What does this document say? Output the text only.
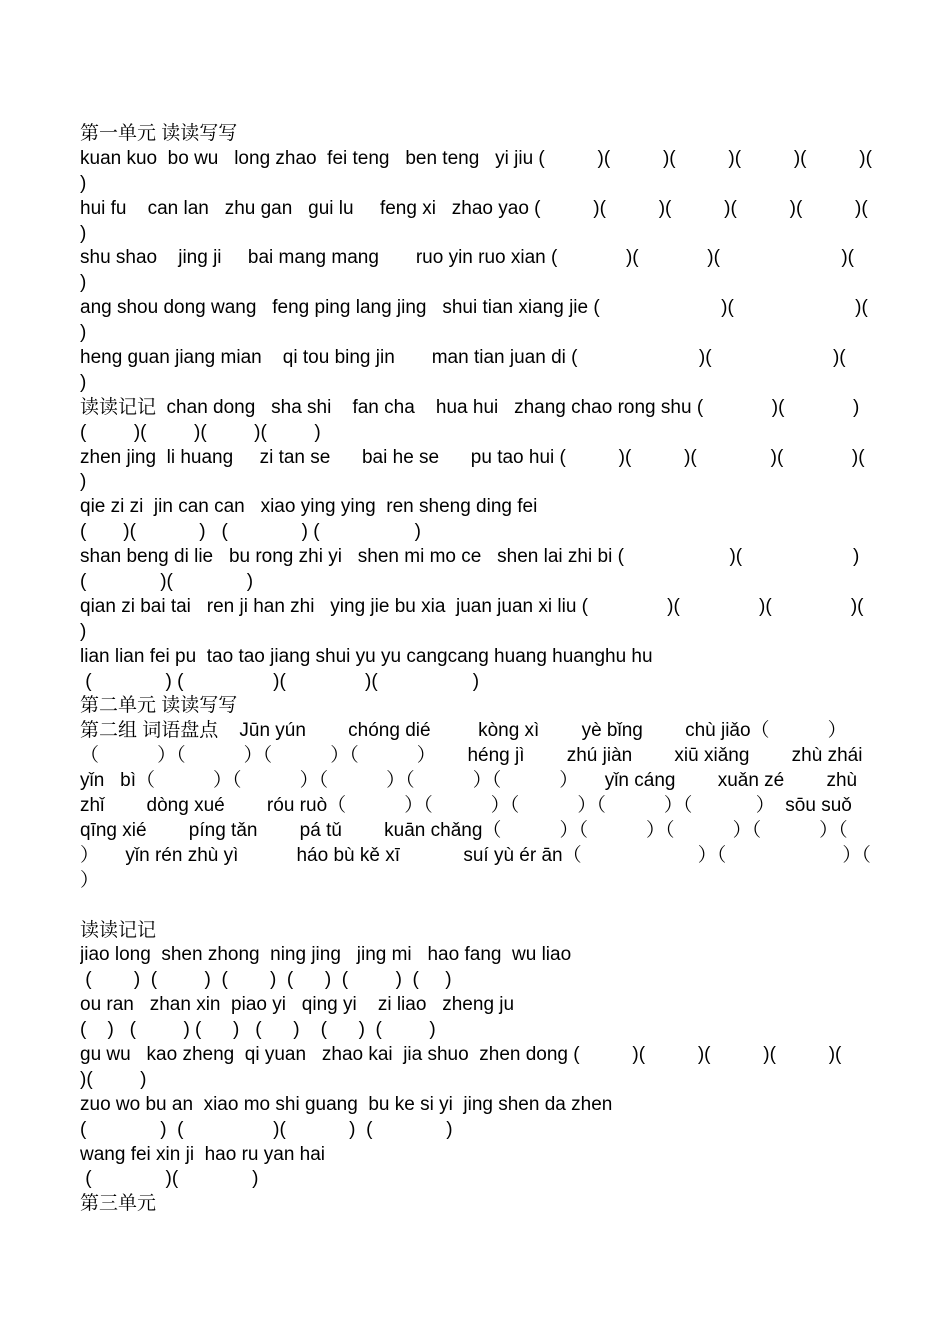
第一单元 读读写写
kuan kuo  bo wu   long zhao  fei teng   ben teng   yi jiu (          )(          )(          )(          )(          )(
)
hui fu    can lan   zhu gan   gui lu     feng xi   zhao yao (          )(          )(          )(          )(          )(
)
shu shao    jing ji     bai mang mang       ruo yin ruo xian (             )(             )(                       )(
)
ang shou dong wang   feng ping lang jing   shui tian xiang jie (                       )(                       )(
)
heng guan jiang mian    qi tou bing jin       man tian juan di (                       )(                       )(
)
读读记记  chan dong   sha shi    fan cha    hua hui   zhang chao rong shu (             )(             )
(         )(         )(         )(         )
zhen jing  li huang     zi tan se      bai he se      pu tao hui (          )(          )(              )(             )(
)
qie zi zi  jin can can   xiao ying ying  ren sheng ding fei
(       )(            )   (              ) (                  )
shan beng di lie   bu rong zhi yi   shen mi mo ce   shen lai zhi bi (                    )(                     )
(              )(              )
qian zi bai tai   ren ji han zhi   ying jie bu xia  juan juan xi liu (               )(               )(               )(
)
lian lian fei pu  tao tao jiang shui yu yu cangcang huang huanghu hu
(              ) (                 )(               )(                  )
第二单元 读读写写
第二组 词语盘点    Jūn yún        chóng dié         kòng xì        yè bǐng        chù jiǎo（           ）
（           ）（           ）（           ）（           ）      héng jì        zhú jiàn        xiū xiǎng        zhù zhái
yǐn   bì（           ）（           ）（           ）（           ）（           ）     yǐn cáng        xuǎn zé        zhù
zhǐ        dòng xué        róu ruò（           ）（           ）（           ）（           ）（            ）  sōu suǒ
qīng xié        píng tǎn        pá tǔ        kuān chǎng（           ）（           ）（           ）（           ）（
）     yǐn rén zhù yì           háo bù kě xī            suí yù ér ān（                      ）（                      ）（
）
读读记记
jiao long  shen zhong  ning jing   jing mi   hao fang  wu liao
(        )  (         )  (        )  (      )  (         )  (     )
ou ran   zhan xin  piao yi   qing yi    zi liao   zheng ju
(    )   (         ) (      )   (      )    (      )  (         )
gu wu   kao zheng  qi yuan   zhao kai  jia shuo  zhen dong (          )(          )(          )(          )(
)(         )
zuo wo bu an  xiao mo shi guang  bu ke si yi  jing shen da zhen
(              )  (                 )(            )  (              )
wang fei xin ji  hao ru yan hai
(              )(              )
第三单元
